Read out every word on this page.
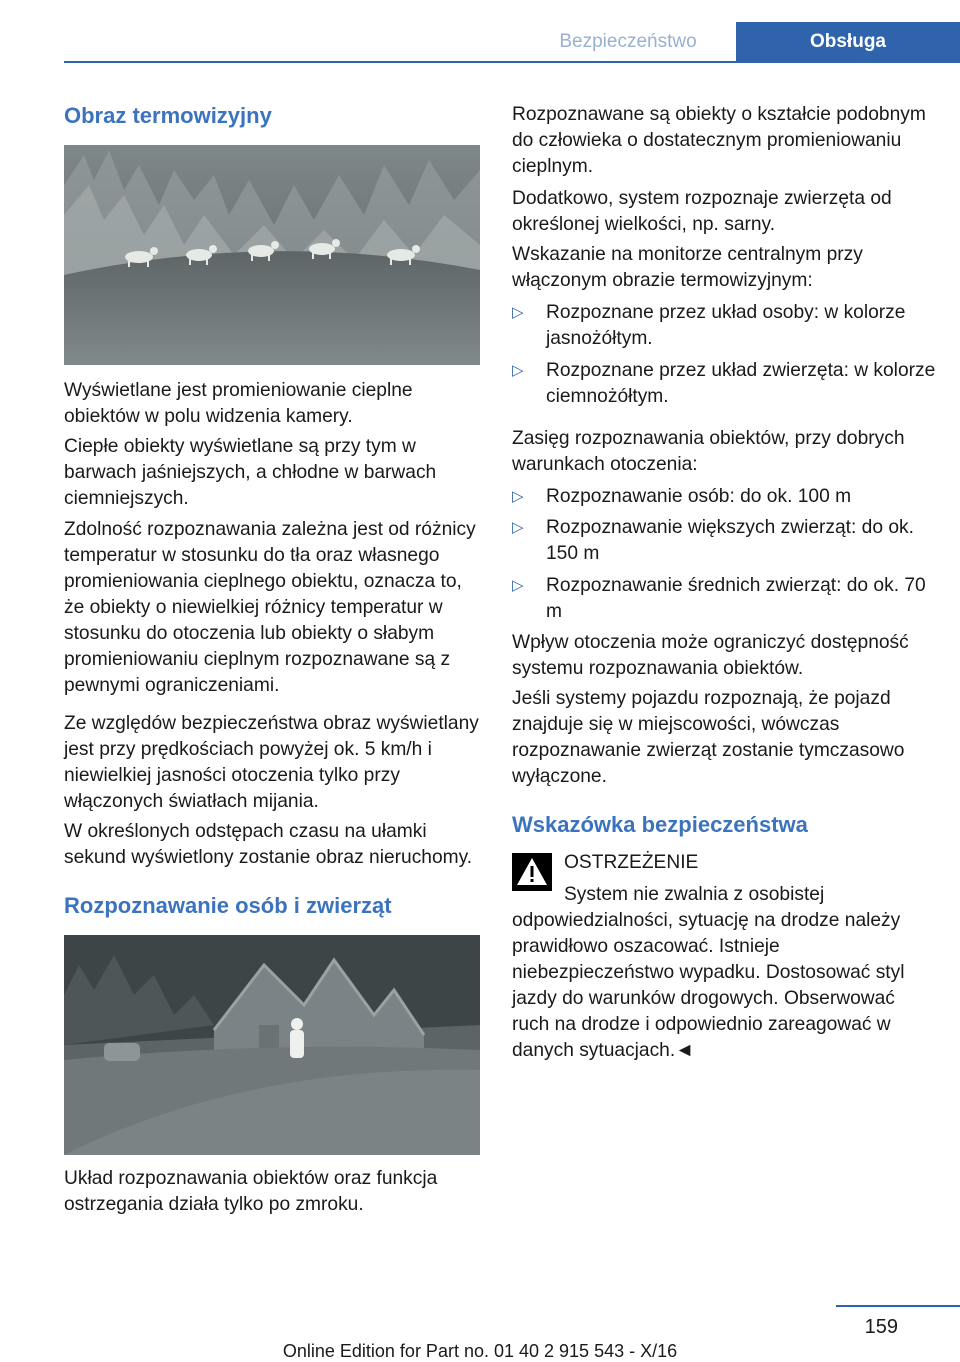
Bezpieczeństwo	Obsługa
Obraz termowizyjny

Wyświetlane jest promieniowanie cieplne obiektów w polu widzenia kamery.

Ciepłe obiekty wyświetlane są przy tym w barwach jaśniejszych, a chłodne w barwach ciemniejszych.

Zdolność rozpoznawania zależna jest od różnicy temperatur w stosunku do tła oraz własnego promieniowania cieplnego obiektu, oznacza to, że obiekty o niewielkiej różnicy temperatur w stosunku do otoczenia lub obiekty o słabym promieniowaniu cieplnym rozpoznawane są z pewnymi ograniczeniami.

Ze względów bezpieczeństwa obraz wyświetlany jest przy prędkościach powyżej ok. 5 km/h i niewielkiej jasności otoczenia tylko przy włączonych światłach mijania.

W określonych odstępach czasu na ułamki sekund wyświetlony zostanie obraz nieruchomy.

Rozpoznawanie osób i zwierząt

Układ rozpoznawania obiektów oraz funkcja ostrzegania działa tylko po zmroku.

Rozpoznawane są obiekty o kształcie podobnym do człowieka o dostatecznym promieniowaniu cieplnym.

Dodatkowo, system rozpoznaje zwierzęta od określonej wielkości, np. sarny.

Wskazanie na monitorze centralnym przy włączonym obrazie termowizyjnym:

▷ Rozpoznane przez układ osoby: w kolorze jasnożółtym.
▷ Rozpoznane przez układ zwierzęta: w kolorze ciemnożółtym.

Zasięg rozpoznawania obiektów, przy dobrych warunkach otoczenia:

▷ Rozpoznawanie osób: do ok. 100 m
▷ Rozpoznawanie większych zwierząt: do ok. 150 m
▷ Rozpoznawanie średnich zwierząt: do ok. 70 m

Wpływ otoczenia może ograniczyć dostępność systemu rozpoznawania obiektów.

Jeśli systemy pojazdu rozpoznają, że pojazd znajduje się w miejscowości, wówczas rozpoznawanie zwierząt zostanie tymczasowo wyłączone.

Wskazówka bezpieczeństwa
OSTRZEŻENIE

System nie zwalnia z osobistej odpowiedzialności, sytuację na drodze należy prawidłowo oszacować. Istnieje niebezpieczeństwo wypadku. Dostosować styl jazdy do warunków drogowych. Obserwować ruch na drodze i odpowiednio zareagować w danych sytuacjach.◄

159
Online Edition for Part no. 01 40 2 915 543 - X/16
